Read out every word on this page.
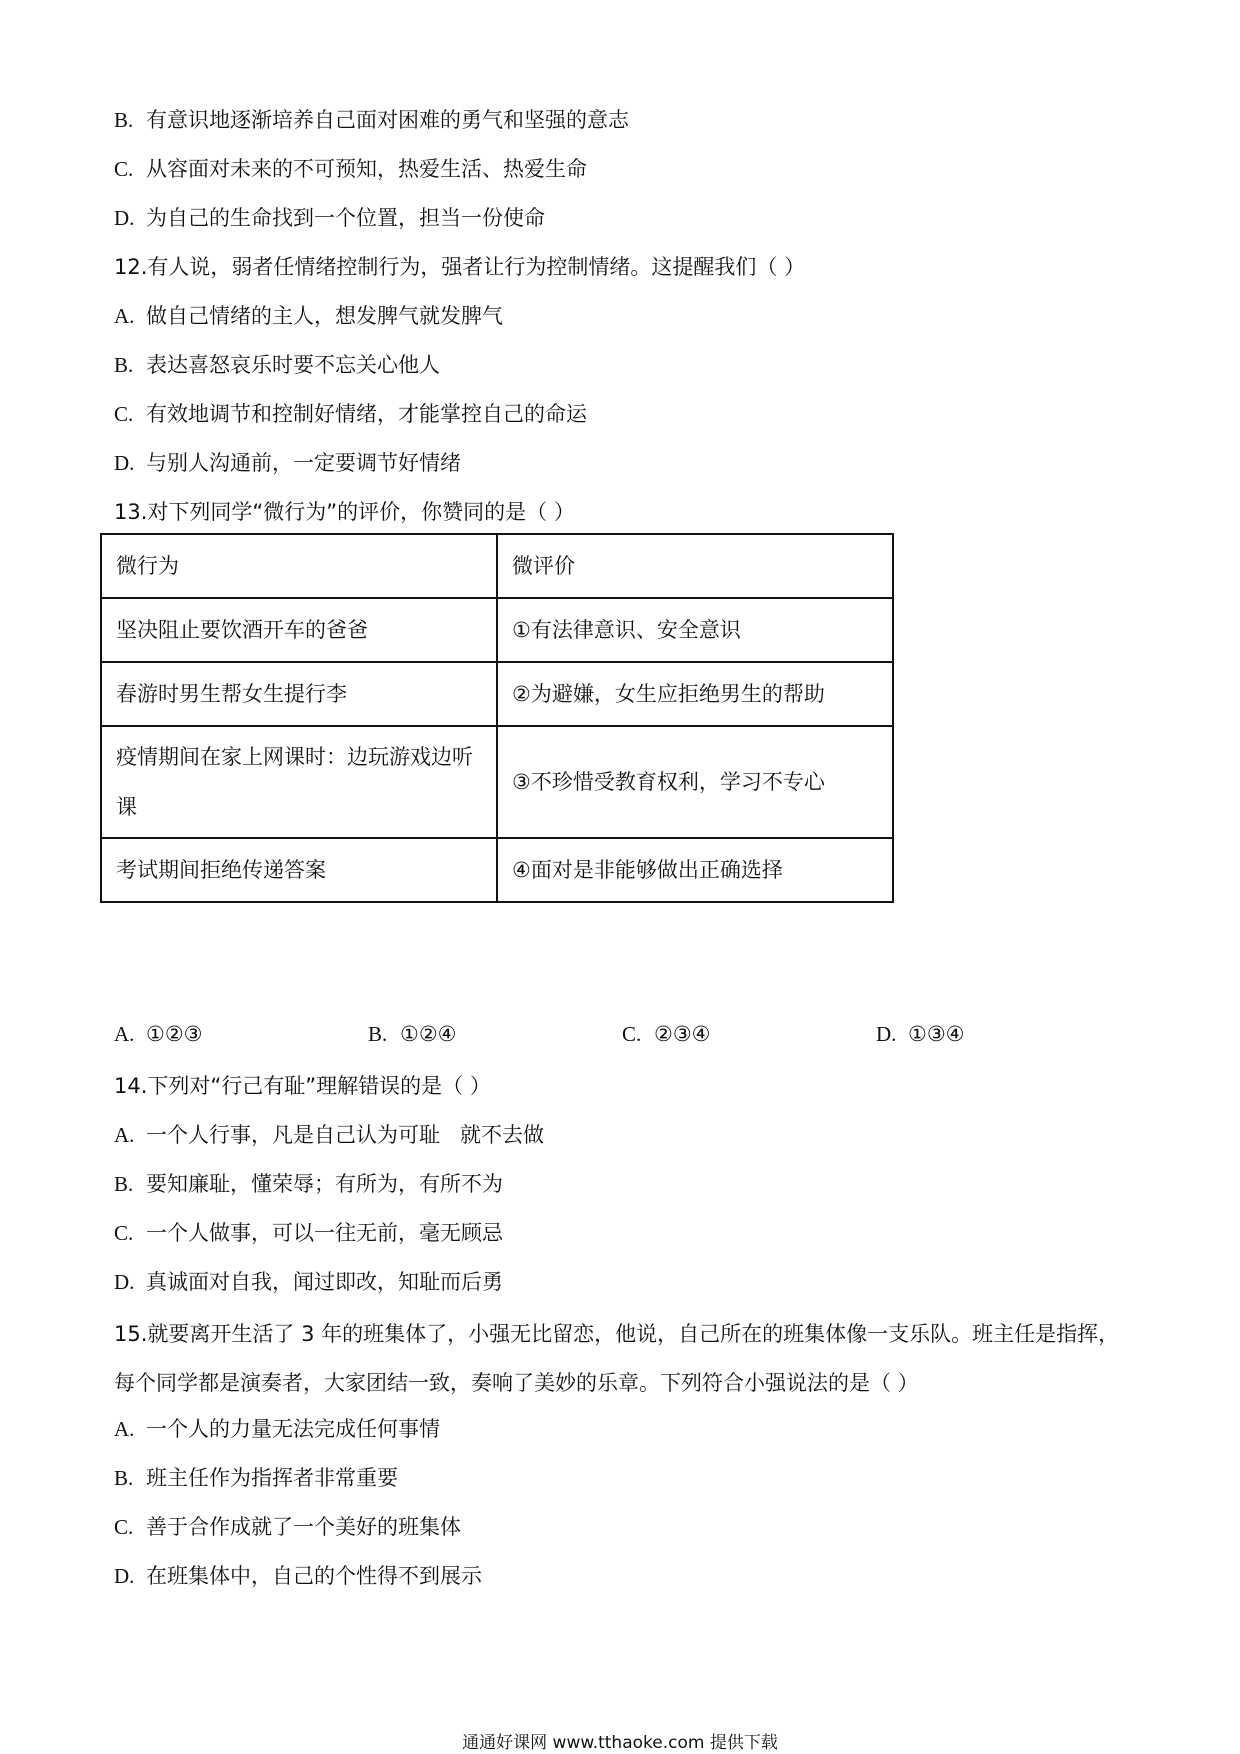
B. 有意识地逐渐培养自己面对困难的勇气和坚强的意志
C. 从容面对未来的不可预知，热爱生活、热爱生命
D. 为自己的生命找到一个位置，担当一份使命
12.有人说，弱者任情绪控制行为，强者让行为控制情绪。这提醒我们（ ）
A. 做自己情绪的主人，想发脾气就发脾气
B. 表达喜怒哀乐时要不忘关心他人
C. 有效地调节和控制好情绪，才能掌控自己的命运
D. 与别人沟通前，一定要调节好情绪
13.对下列同学“微行为”的评价，你赞同的是（ ）
微行为	微评价
坚决阻止要饮酒开车的爸爸	①有法律意识、安全意识
春游时男生帮女生提行李	②为避嫌，女生应拒绝男生的帮助
疫情期间在家上网课时：边玩游戏边听课	③不珍惜受教育权利，学习不专心
考试期间拒绝传递答案	④面对是非能够做出正确选择
A. ①②③	B. ①②④	C. ②③④	D. ①③④
14.下列对“行己有耻”理解错误的是（ ）
A. 一个人行事，凡是自己认为可耻   就不去做
B. 要知廉耻，懂荣辱；有所为，有所不为
C. 一个人做事，可以一往无前，毫无顾忌
D. 真诚面对自我，闻过即改，知耻而后勇
15.就要离开生活了 3 年的班集体了，小强无比留恋，他说，自己所在的班集体像一支乐队。班主任是指挥，每个同学都是演奏者，大家团结一致，奏响了美妙的乐章。下列符合小强说法的是（ ）
A. 一个人的力量无法完成任何事情
B. 班主任作为指挥者非常重要
C. 善于合作成就了一个美好的班集体
D. 在班集体中，自己的个性得不到展示
通通好课网 www.tthaoke.com 提供下载
